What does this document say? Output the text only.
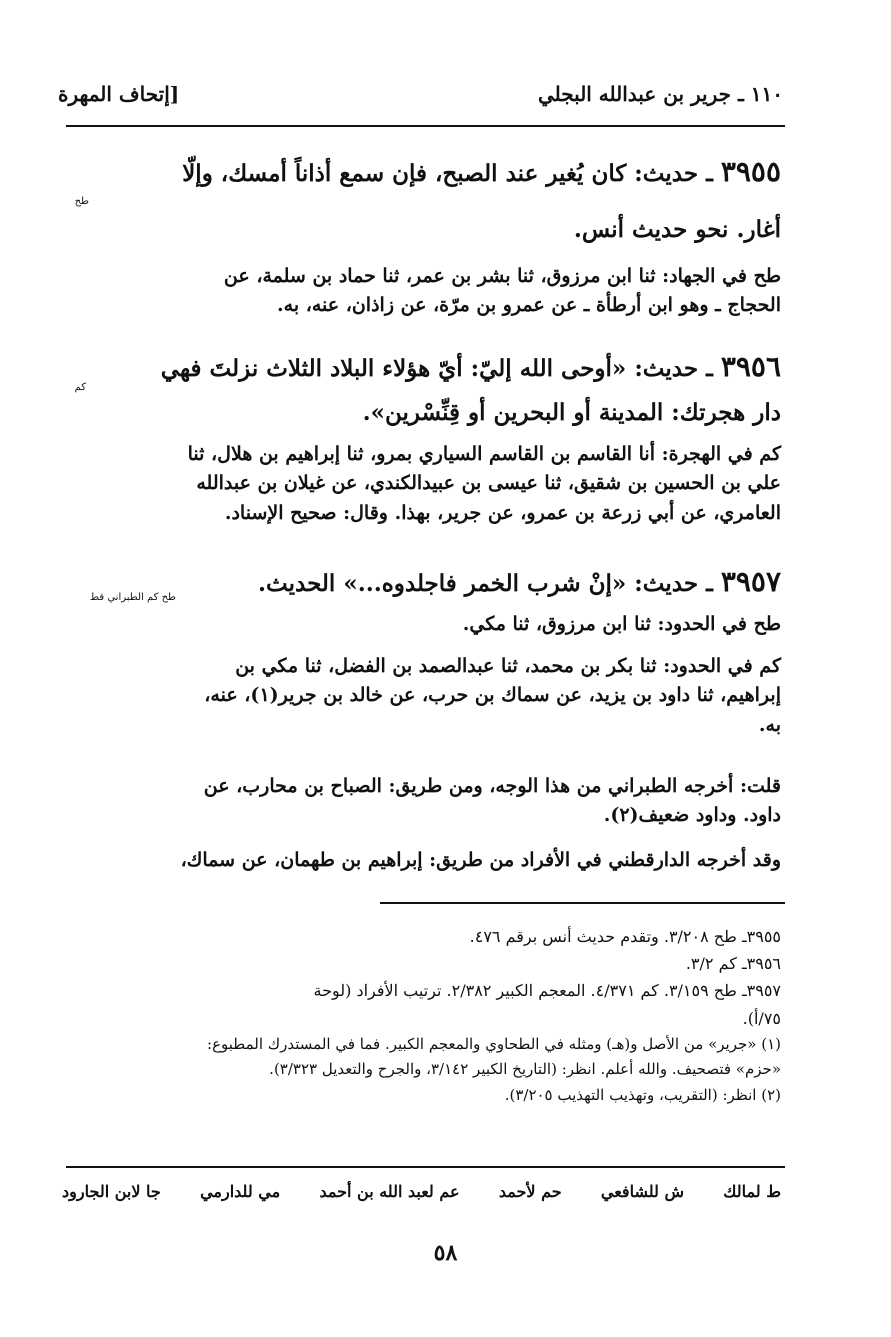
١١٠ ـ جرير بن عبدالله البجلي
[إتحاف المهرة
٣٩٥٥ ـ حديث: كان يُغير عند الصبح، فإن سمع أذاناً أمسك، وإلّا
طح
أغار. نحو حديث أنس.
طح في الجهاد: ثنا ابن مرزوق، ثنا بشر بن عمر، ثنا حماد بن سلمة، عن
الحجاج ـ وهو ابن أرطأة ـ عن عمرو بن مرّة، عن زاذان، عنه، به.
٣٩٥٦ ـ حديث: «أوحى الله إليّ: أيّ هؤلاء البلاد الثلاث نزلتَ فهي
كم
دار هجرتك: المدينة أو البحرين أو قِنِّسْرين».
كم في الهجرة: أنا القاسم بن القاسم السياري بمرو، ثنا إبراهيم بن هلال، ثنا
علي بن الحسين بن شقيق، ثنا عيسى بن عبيدالكندي، عن غيلان بن عبدالله
العامري، عن أبي زرعة بن عمرو، عن جرير، بهذا. وقال: صحيح الإسناد.
٣٩٥٧ ـ حديث: «إنْ شرب الخمر فاجلدوه...» الحديث.
طح كم الطبراني قط
طح في الحدود: ثنا ابن مرزوق، ثنا مكي.
كم في الحدود: ثنا بكر بن محمد، ثنا عبدالصمد بن الفضل، ثنا مكي بن
إبراهيم، ثنا داود بن يزيد، عن سماك بن حرب، عن خالد بن جرير(١)، عنه،
به.
قلت: أخرجه الطبراني من هذا الوجه، ومن طريق: الصباح بن محارب، عن
داود. وداود ضعيف(٢).
وقد أخرجه الدارقطني في الأفراد من طريق: إبراهيم بن طهمان، عن سماك،
٣٩٥٥ـ طح ٣/٢٠٨. وتقدم حديث أنس برقم ٤٧٦.
٣٩٥٦ـ كم ٣/٢.
٣٩٥٧ـ طح ٣/١٥٩. كم ٤/٣٧١. المعجم الكبير ٢/٣٨٢. ترتيب الأفراد (لوحة
٧٥/أ).
(١) «جرير» من الأصل و(هـ) ومثله في الطحاوي والمعجم الكبير. فما في المستدرك المطبوع:
«حزم» فتصحيف. والله أعلم. انظر: (التاريخ الكبير ٣/١٤٢، والجرح والتعديل ٣/٣٢٣).
(٢) انظر: (التقريب، وتهذيب التهذيب ٣/٢٠٥).
ط لمالك
ش للشافعي
حم لأحمد
عم لعبد الله بن أحمد
مي للدارمي
جا لابن الجارود
٥٨
